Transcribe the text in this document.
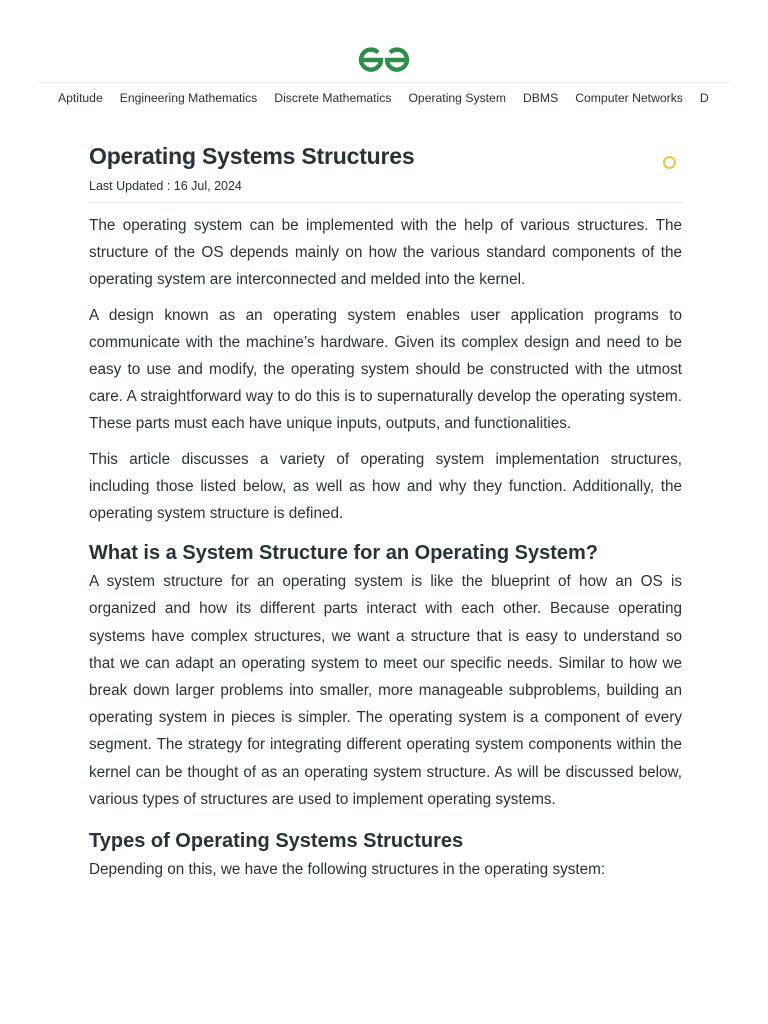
Aptitude Engineering Mathematics Discrete Mathematics Operating System DBMS Computer Networks D
Operating Systems Structures
Last Updated : 16 Jul, 2024

The operating system can be implemented with the help of various structures. The structure of the OS depends mainly on how the various standard components of the operating system are interconnected and melded into the kernel.

A design known as an operating system enables user application programs to communicate with the machine’s hardware. Given its complex design and need to be easy to use and modify, the operating system should be constructed with the utmost care. A straightforward way to do this is to supernaturally develop the operating system. These parts must each have unique inputs, outputs, and functionalities.

This article discusses a variety of operating system implementation structures, including those listed below, as well as how and why they function. Additionally, the operating system structure is defined.

What is a System Structure for an Operating System?

A system structure for an operating system is like the blueprint of how an OS is organized and how its different parts interact with each other. Because operating systems have complex structures, we want a structure that is easy to understand so that we can adapt an operating system to meet our specific needs. Similar to how we break down larger problems into smaller, more manageable subproblems, building an operating system in pieces is simpler. The operating system is a component of every segment. The strategy for integrating different operating system components within the kernel can be thought of as an operating system structure. As will be discussed below, various types of structures are used to implement operating systems.

Types of Operating Systems Structures

Depending on this, we have the following structures in the operating system:
